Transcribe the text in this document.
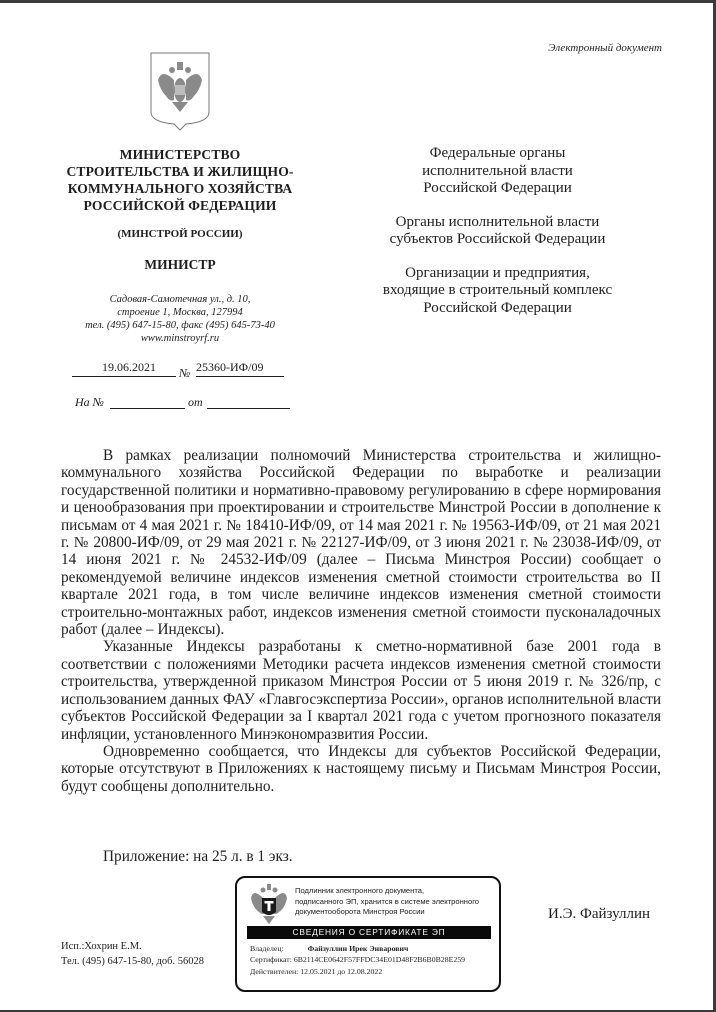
Электронный документ
МИНИСТЕРСТВО
СТРОИТЕЛЬСТВА И ЖИЛИЩНО-
КОММУНАЛЬНОГО ХОЗЯЙСТВА
РОССИЙСКОЙ ФЕДЕРАЦИИ
(МИНСТРОЙ РОССИИ)
МИНИСТР
Садовая-Самотечная ул., д. 10,
строение 1, Москва, 127994
тел. (495) 647-15-80, факс (495) 645-73-40
www.minstroyrf.ru
19.06.2021 № 25360-ИФ/09
На №	от
Федеральные органы
исполнительной власти
Российской Федерации
Органы исполнительной власти
субъектов Российской Федерации
Организации и предприятия,
входящие в строительный комплекс
Российской Федерации

В рамках реализации полномочий Министерства строительства и жилищно-коммунального хозяйства Российской Федерации по выработке и реализации государственной политики и нормативно-правовому регулированию в сфере нормирования и ценообразования при проектировании и строительстве Минстрой России в дополнение к письмам от 4 мая 2021 г. № 18410-ИФ/09, от 14 мая 2021 г. № 19563-ИФ/09, от 21 мая 2021 г. № 20800-ИФ/09, от 29 мая 2021 г. № 22127-ИФ/09, от 3 июня 2021 г. № 23038-ИФ/09, от 14 июня 2021 г. № 24532-ИФ/09 (далее – Письма Минстроя России) сообщает о рекомендуемой величине индексов изменения сметной стоимости строительства во II квартале 2021 года, в том числе величине индексов изменения сметной стоимости строительно-монтажных работ, индексов изменения сметной стоимости пусконаладочных работ (далее – Индексы).

Указанные Индексы разработаны к сметно-нормативной базе 2001 года в соответствии с положениями Методики расчета индексов изменения сметной стоимости строительства, утвержденной приказом Минстроя России от 5 июня 2019 г. № 326/пр, с использованием данных ФАУ «Главгосэкспертиза России», органов исполнительной власти субъектов Российской Федерации за I квартал 2021 года с учетом прогнозного показателя инфляции, установленного Минэкономразвития России.

Одновременно сообщается, что Индексы для субъектов Российской Федерации, которые отсутствуют в Приложениях к настоящему письму и Письмам Минстроя России, будут сообщены дополнительно.

Приложение: на 25 л. в 1 экз.
Подлинник электронного документа,
подписанного ЭП, хранится в системе электронного
документооборота Минстроя России
СВЕДЕНИЯ О СЕРТИФИКАТЕ ЭП
Владелец:	Файзуллин Ирек Энварович
Сертификат: 6B2114CE0642F57FFDC34E01D48F2B6B0B28E259
Действителен: 12.05.2021 до 12.08.2022
И.Э. Файзуллин
Исп.:Хохрин Е.М.
Тел. (495) 647-15-80, доб. 56028
